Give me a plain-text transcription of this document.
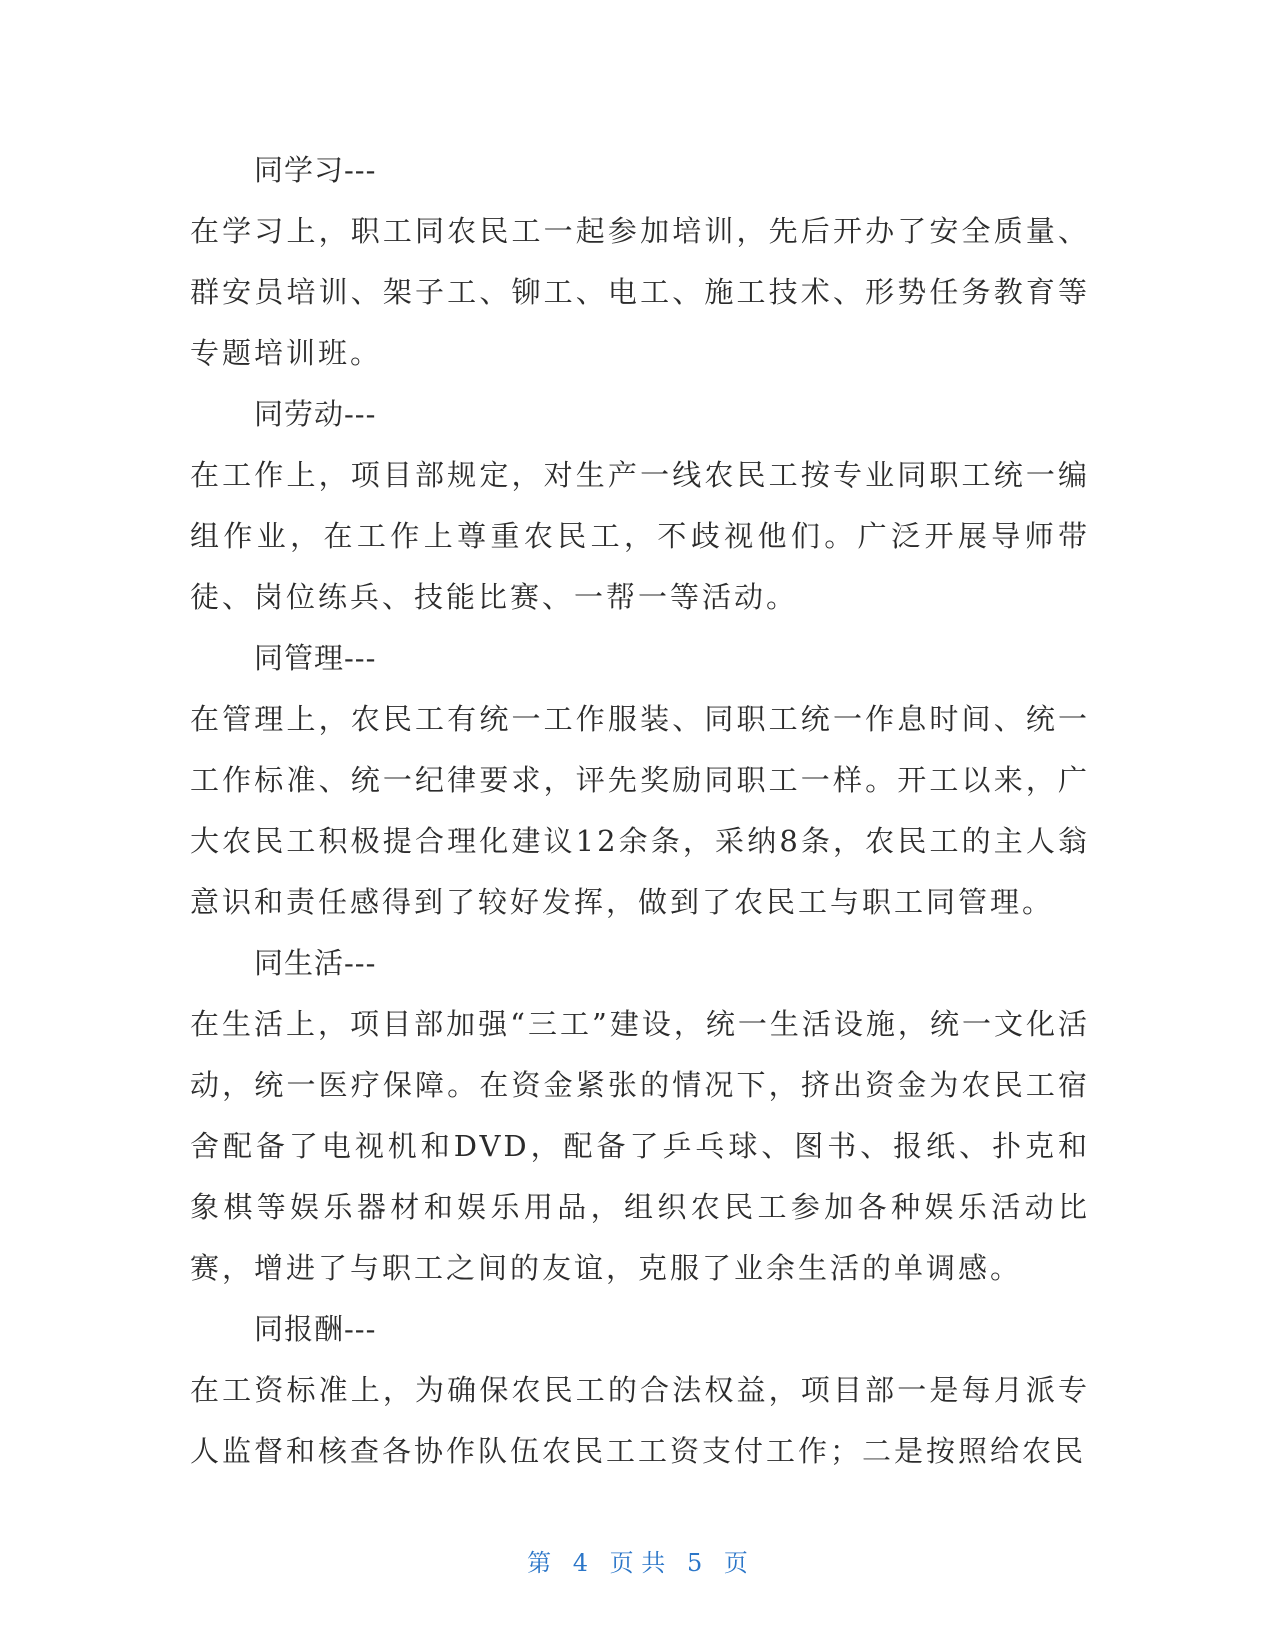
同学习---
在学习上，职工同农民工一起参加培训，先后开办了安全质量、群安员培训、架子工、铆工、电工、施工技术、形势任务教育等专题培训班。
同劳动---
在工作上，项目部规定，对生产一线农民工按专业同职工统一编组作业，在工作上尊重农民工，不歧视他们。广泛开展导师带徒、岗位练兵、技能比赛、一帮一等活动。
同管理---
在管理上，农民工有统一工作服装、同职工统一作息时间、统一工作标准、统一纪律要求，评先奖励同职工一样。开工以来，广大农民工积极提合理化建议12余条，采纳8条，农民工的主人翁意识和责任感得到了较好发挥，做到了农民工与职工同管理。
同生活---
在生活上，项目部加强“三工”建设，统一生活设施，统一文化活动，统一医疗保障。在资金紧张的情况下，挤出资金为农民工宿舍配备了电视机和DVD，配备了乒乓球、图书、报纸、扑克和象棋等娱乐器材和娱乐用品，组织农民工参加各种娱乐活动比赛，增进了与职工之间的友谊，克服了业余生活的单调感。
同报酬---
在工资标准上，为确保农民工的合法权益，项目部一是每月派专人监督和核查各协作队伍农民工工资支付工作；二是按照给农民
第 4 页 共 5 页
